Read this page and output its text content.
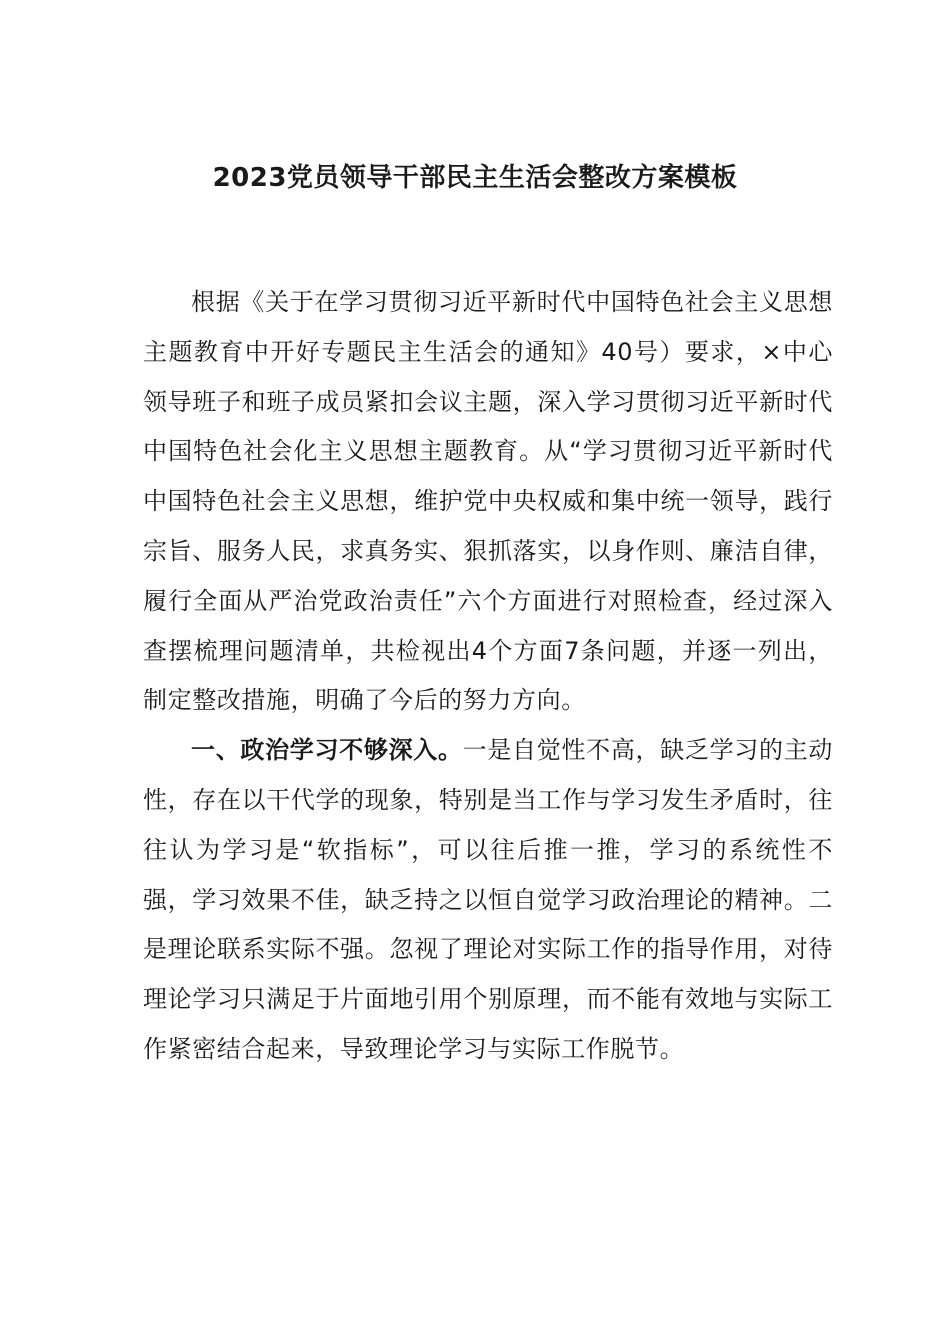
2023党员领导干部民主生活会整改方案模板

根据《关于在学习贯彻习近平新时代中国特色社会主义思想主题教育中开好专题民主生活会的通知》40号）要求，×中心领导班子和班子成员紧扣会议主题，深入学习贯彻习近平新时代中国特色社会化主义思想主题教育。从“学习贯彻习近平新时代中国特色社会主义思想，维护党中央权威和集中统一领导，践行宗旨、服务人民，求真务实、狠抓落实，以身作则、廉洁自律，履行全面从严治党政治责任”六个方面进行对照检查，经过深入查摆梳理问题清单，共检视出4个方面7条问题，并逐一列出，制定整改措施，明确了今后的努力方向。

一、政治学习不够深入。一是自觉性不高，缺乏学习的主动性，存在以干代学的现象，特别是当工作与学习发生矛盾时，往往认为学习是“软指标”，可以往后推一推，学习的系统性不强，学习效果不佳，缺乏持之以恒自觉学习政治理论的精神。二是理论联系实际不强。忽视了理论对实际工作的指导作用，对待理论学习只满足于片面地引用个别原理，而不能有效地与实际工作紧密结合起来，导致理论学习与实际工作脱节。
